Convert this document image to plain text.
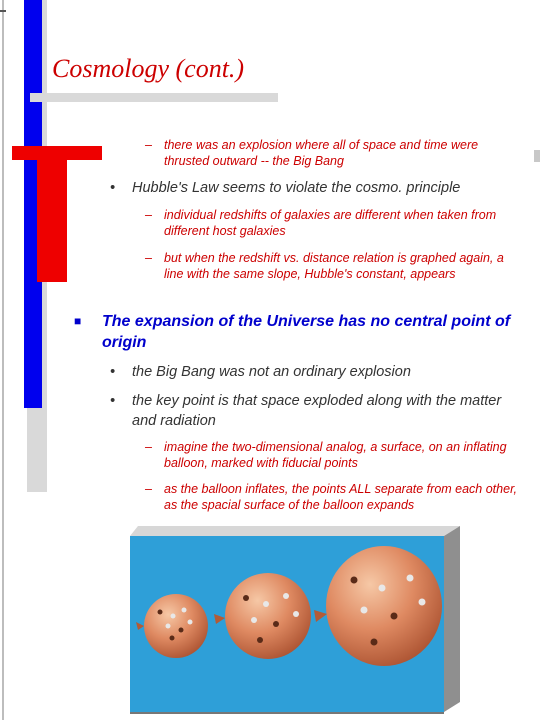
Cosmology (cont.)
– there was an explosion where all of space and time were thrusted outward -- the Big Bang
• Hubble's Law seems to violate the cosmo. principle
– individual redshifts of galaxies are different when taken from different host galaxies
– but when the redshift vs. distance relation is graphed again, a line with the same slope, Hubble's constant, appears
■ The expansion of the Universe has no central point of origin
• the Big Bang was not an ordinary explosion
• the key point is that space exploded along with the matter and radiation
– imagine the two-dimensional analog, a surface, on an inflating balloon, marked with fiducial points
– as the balloon inflates, the points ALL separate from each other, as the spacial surface of the balloon expands
